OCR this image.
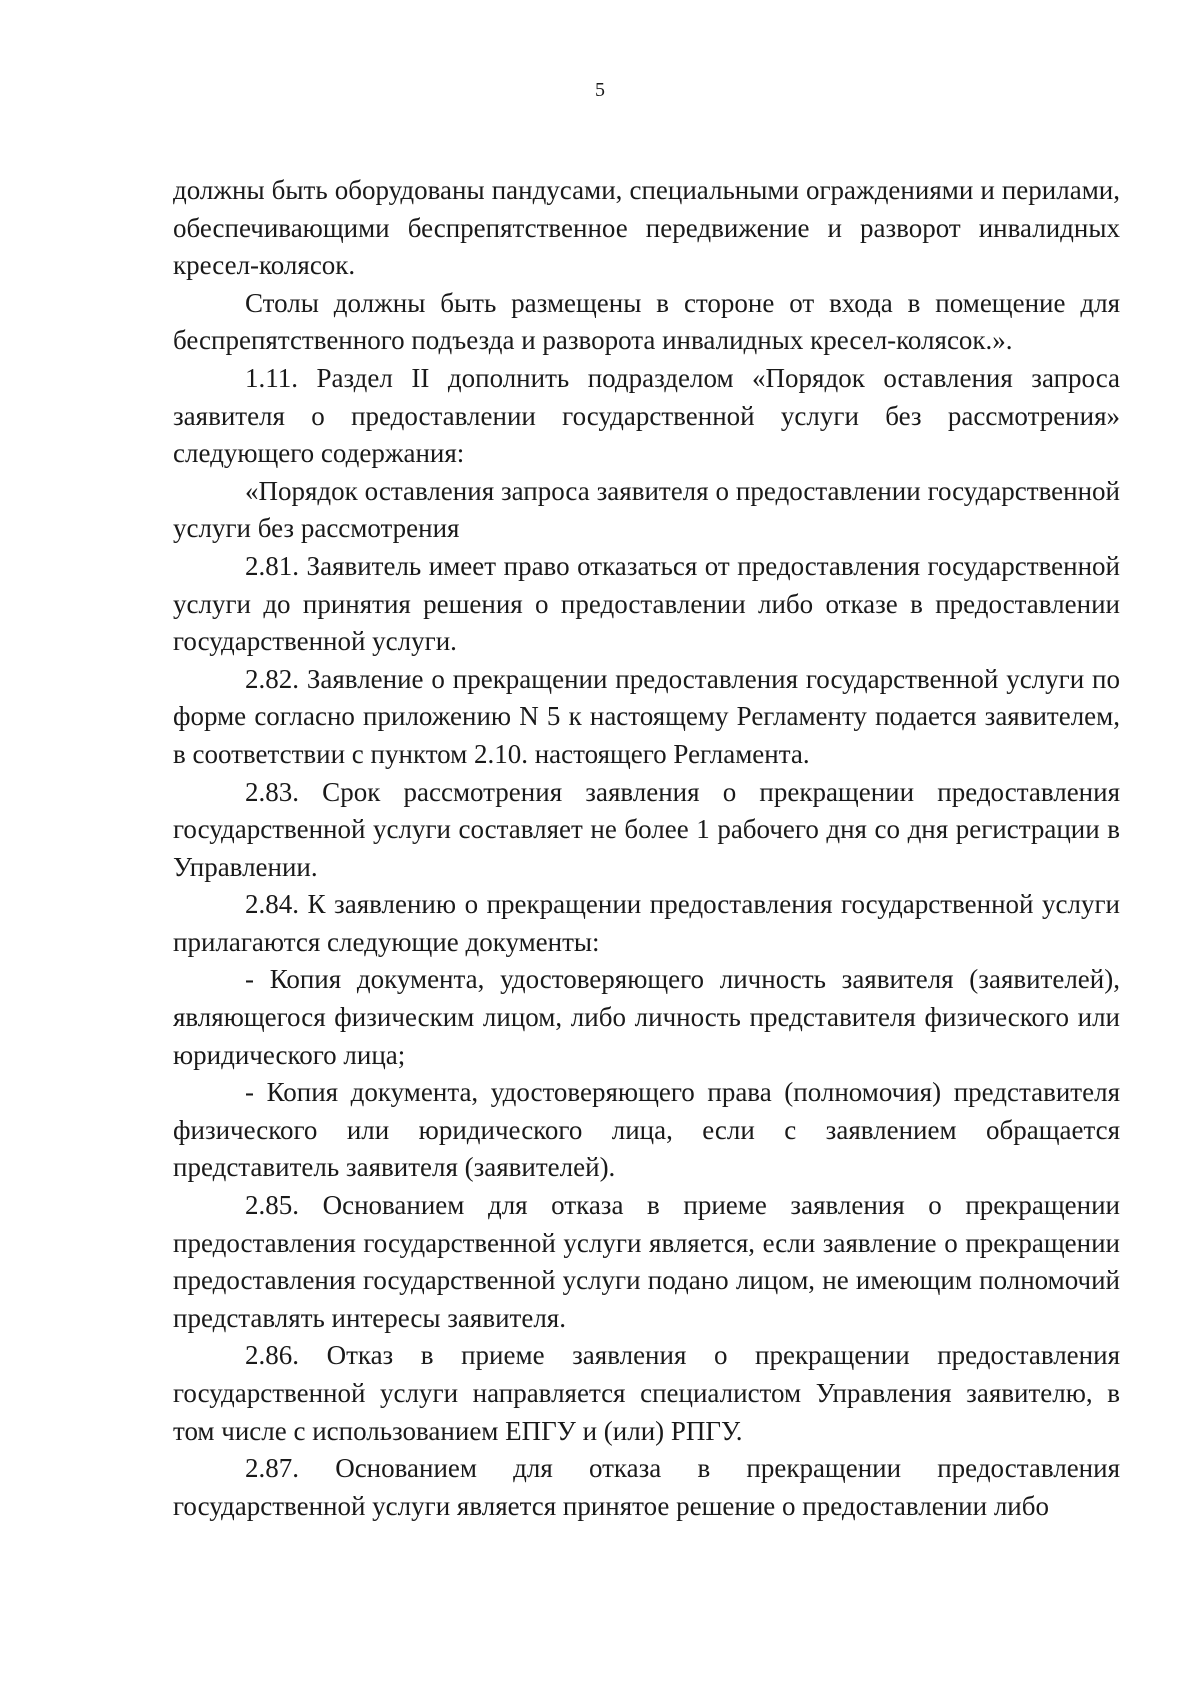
5

должны быть оборудованы пандусами, специальными ограждениями и перилами, обеспечивающими беспрепятственное передвижение и разворот инвалидных кресел-колясок.

Столы должны быть размещены в стороне от входа в помещение для беспрепятственного подъезда и разворота инвалидных кресел-колясок.».

1.11. Раздел II дополнить подразделом «Порядок оставления запроса заявителя о предоставлении государственной услуги без рассмотрения» следующего содержания:

«Порядок оставления запроса заявителя о предоставлении государственной услуги без рассмотрения

2.81. Заявитель имеет право отказаться от предоставления государственной услуги до принятия решения о предоставлении либо отказе в предоставлении государственной услуги.

2.82. Заявление о прекращении предоставления государственной услуги по форме согласно приложению N 5 к настоящему Регламенту подается заявителем, в соответствии с пунктом 2.10. настоящего Регламента.

2.83. Срок рассмотрения заявления о прекращении предоставления государственной услуги составляет не более 1 рабочего дня со дня регистрации в Управлении.

2.84. К заявлению о прекращении предоставления государственной услуги прилагаются следующие документы:

- Копия документа, удостоверяющего личность заявителя (заявителей), являющегося физическим лицом, либо личность представителя физического или юридического лица;

- Копия документа, удостоверяющего права (полномочия) представителя физического или юридического лица, если с заявлением обращается представитель заявителя (заявителей).

2.85. Основанием для отказа в приеме заявления о прекращении предоставления государственной услуги является, если заявление о прекращении предоставления государственной услуги подано лицом, не имеющим полномочий представлять интересы заявителя.

2.86. Отказ в приеме заявления о прекращении предоставления государственной услуги направляется специалистом Управления заявителю, в том числе с использованием ЕПГУ и (или) РПГУ.

2.87. Основанием для отказа в прекращении предоставления государственной услуги является принятое решение о предоставлении либо
